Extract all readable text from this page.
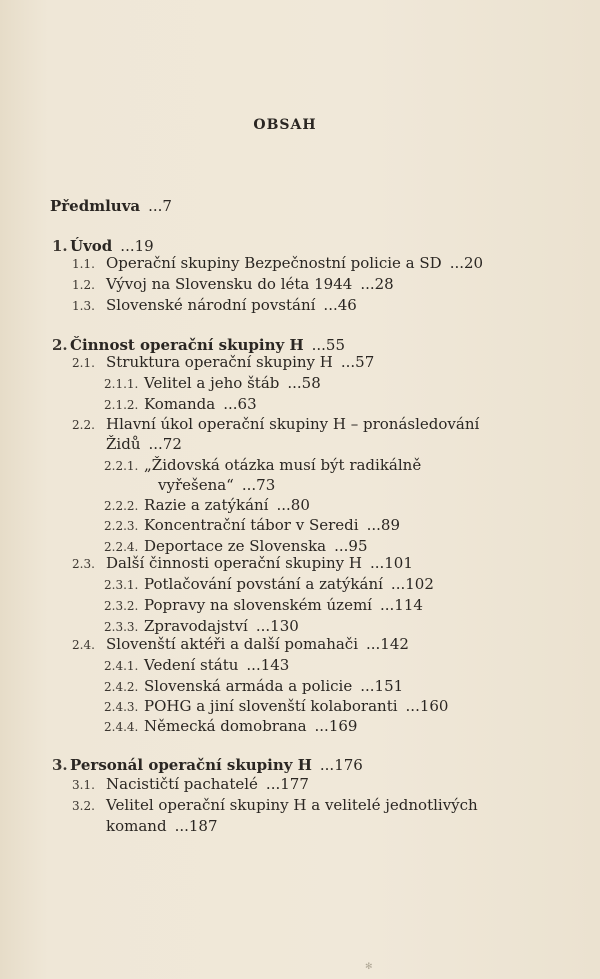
OBSAH
Předmluva ...7
1. Úvod ...19
1.1. Operační skupiny Bezpečnostní policie a SD ...20
1.2. Vývoj na Slovensku do léta 1944 ...28
1.3. Slovenské národní povstání ...46
2. Činnost operační skupiny H ...55
2.1. Struktura operační skupiny H ...57
2.1.1. Velitel a jeho štáb ...58
2.1.2. Komanda ...63
2.2. Hlavní úkol operační skupiny H – pronásledování
Židů ...72
2.2.1. „Židovská otázka musí být radikálně
vyřešena“ ...73
2.2.2. Razie a zatýkání ...80
2.2.3. Koncentrační tábor v Seredi ...89
2.2.4. Deportace ze Slovenska ...95
2.3. Další činnosti operační skupiny H ...101
2.3.1. Potlačování povstání a zatýkání ...102
2.3.2. Popravy na slovenském území ...114
2.3.3. Zpravodajství ...130
2.4. Slovenští aktéři a další pomahači ...142
2.4.1. Vedení státu ...143
2.4.2. Slovenská armáda a policie ...151
2.4.3. POHG a jiní slovenští kolaboranti ...160
2.4.4. Německá domobrana ...169
3. Personál operační skupiny H ...176
3.1. Nacističtí pachatelé ...177
3.2. Velitel operační skupiny H a velitelé jednotlivých
komand ...187
✻
